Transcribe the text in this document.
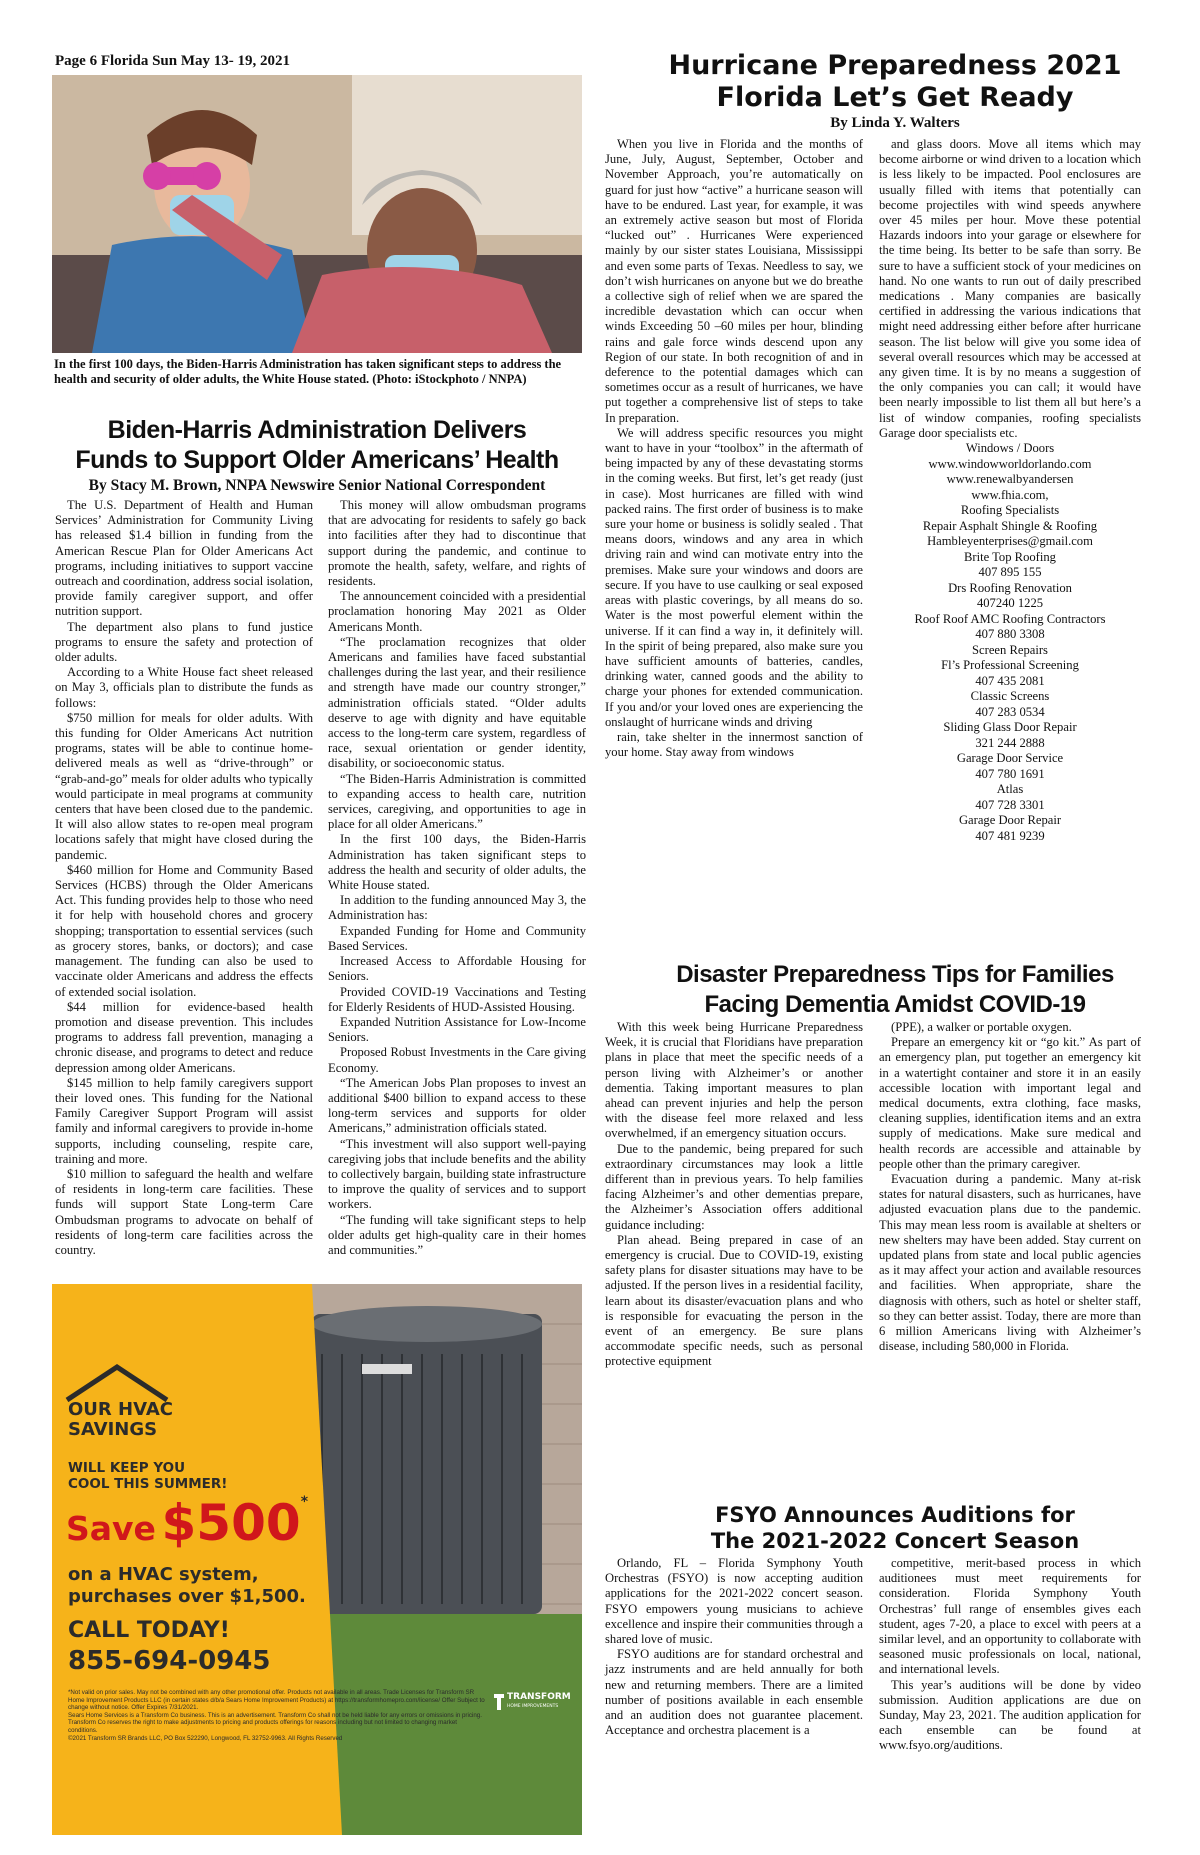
Page 6 Florida Sun May 13- 19, 2021
In the first 100 days, the Biden-Harris Administration has taken significant steps to address the health and security of older adults, the White House stated. (Photo: iStockphoto / NNPA)
Biden-Harris Administration Delivers
Funds to Support Older Americans’ Health
By Stacy M. Brown, NNPA Newswire Senior National Correspondent

The U.S. Department of Health and Human Services’ Administration for Community Living has released $1.4 billion in funding from the American Rescue Plan for Older Americans Act programs, including initiatives to support vaccine outreach and coordination, address social isolation, provide family caregiver support, and offer nutrition support.

The department also plans to fund justice programs to ensure the safety and protection of older adults.

According to a White House fact sheet released on May 3, officials plan to distribute the funds as follows:

$750 million for meals for older adults. With this funding for Older Americans Act nutrition programs, states will be able to continue home-delivered meals as well as “drive-through” or “grab-and-go” meals for older adults who typically would participate in meal programs at community centers that have been closed due to the pandemic. It will also allow states to re-open meal program locations safely that might have closed during the pandemic.

$460 million for Home and Community Based Services (HCBS) through the Older Americans Act. This funding provides help to those who need it for help with household chores and grocery shopping; transportation to essential services (such as grocery stores, banks, or doctors); and case management. The funding can also be used to vaccinate older Americans and address the effects of extended social isolation.

$44 million for evidence-based health promotion and disease prevention. This includes programs to address fall prevention, managing a chronic disease, and programs to detect and reduce depression among older Americans.

$145 million to help family caregivers support their loved ones. This funding for the National Family Caregiver Support Program will assist family and informal caregivers to provide in-home supports, including counseling, respite care, training and more.

$10 million to safeguard the health and welfare of residents in long-term care facilities. These funds will support State Long-term Care Ombudsman programs to advocate on behalf of residents of long-term care facilities across the country.

This money will allow ombudsman programs that are advocating for residents to safely go back into facilities after they had to discontinue that support during the pandemic, and continue to promote the health, safety, welfare, and rights of residents.

The announcement coincided with a presidential proclamation honoring May 2021 as Older Americans Month.

“The proclamation recognizes that older Americans and families have faced substantial challenges during the last year, and their resilience and strength have made our country stronger,” administration officials stated. “Older adults deserve to age with dignity and have equitable access to the long-term care system, regardless of race, sexual orientation or gender identity, disability, or socioeconomic status.

“The Biden-Harris Administration is committed to expanding access to health care, nutrition services, caregiving, and opportunities to age in place for all older Americans.”

In the first 100 days, the Biden-Harris Administration has taken significant steps to address the health and security of older adults, the White House stated.

In addition to the funding announced May 3, the Administration has:

Expanded Funding for Home and Community Based Services.

Increased Access to Affordable Housing for Seniors.

Provided COVID-19 Vaccinations and Testing for Elderly Residents of HUD-Assisted Housing.

Expanded Nutrition Assistance for Low-Income Seniors.

Proposed Robust Investments in the Care giving Economy.

“The American Jobs Plan proposes to invest an additional $400 billion to expand access to these long-term services and supports for older Americans,” administration officials stated.

“This investment will also support well-paying caregiving jobs that include benefits and the ability to collectively bargain, building state infrastructure to improve the quality of services and to support workers.

“The funding will take significant steps to help older adults get high-quality care in their homes and communities.”

OUR HVAC
SAVINGS
WILL KEEP YOU
COOL THIS SUMMER!
Save $500*
on a HVAC system,
purchases over $1,500.
CALL TODAY!
855-694-0945
*Not valid on prior sales. May not be combined with any other promotional offer. Products not available in all areas. Trade Licenses for Transform SR Home Improvement Products LLC (in certain states d/b/a Sears Home Improvement Products) at https://transformhomepro.com/license/ Offer Subject to change without notice. Offer Expires 7/31/2021.
Sears Home Services is a Transform Co business. This is an advertisement. Transform Co shall not be held liable for any errors or omissions in pricing. Transform Co reserves the right to make adjustments to pricing and products offerings for reasons including but not limited to changing market conditions.
©2021 Transform SR Brands LLC, PO Box 522290, Longwood, FL 32752-9963. All Rights Reserved
TRANSFORM
HOME IMPROVEMENTS
Hurricane Preparedness 2021
Florida Let’s Get Ready
By Linda Y. Walters

When you live in Florida and the months of June, July, August, September, October and November Approach, you’re automatically on guard for just how “active” a hurricane season will have to be endured. Last year, for example, it was an extremely active season but most of Florida “lucked out” . Hurricanes Were experienced mainly by our sister states Louisiana, Mississippi and even some parts of Texas. Needless to say, we don’t wish hurricanes on anyone but we do breathe a collective sigh of relief when we are spared the incredible devastation which can occur when winds Exceeding 50 –60 miles per hour, blinding rains and gale force winds descend upon any Region of our state. In both recognition of and in deference to the potential damages which can sometimes occur as a result of hurricanes, we have put together a comprehensive list of steps to take In preparation.

We will address specific resources you might want to have in your “toolbox” in the aftermath of being impacted by any of these devastating storms in the coming weeks. But first, let’s get ready (just in case). Most hurricanes are filled with wind packed rains. The first order of business is to make sure your home or business is solidly sealed . That means doors, windows and any area in which driving rain and wind can motivate entry into the premises. Make sure your windows and doors are secure. If you have to use caulking or seal exposed areas with plastic coverings, by all means do so. Water is the most powerful element within the universe. If it can find a way in, it definitely will. In the spirit of being prepared, also make sure you have sufficient amounts of batteries, candles, drinking water, canned goods and the ability to charge your phones for extended communication. If you and/or your loved ones are experiencing the onslaught of hurricane winds and driving

rain, take shelter in the innermost sanction of your home. Stay away from windows

and glass doors. Move all items which may become airborne or wind driven to a location which is less likely to be impacted. Pool enclosures are usually filled with items that potentially can become projectiles with wind speeds anywhere over 45 miles per hour. Move these potential Hazards indoors into your garage or elsewhere for the time being. Its better to be safe than sorry. Be sure to have a sufficient stock of your medicines on hand. No one wants to run out of daily prescribed medications . Many companies are basically certified in addressing the various indications that might need addressing either before after hurricane season. The list below will give you some idea of several overall resources which may be accessed at any given time. It is by no means a suggestion of the only companies you can call; it would have been nearly impossible to list them all but here’s a list of window companies, roofing specialists Garage door specialists etc.

Windows / Doors
www.windowworldorlando.com
www.renewalbyandersen
www.fhia.com,
Roofing Specialists
Repair Asphalt Shingle & Roofing
Hambleyenterprises@gmail.com
Brite Top Roofing
407 895 155
Drs Roofing Renovation
407240 1225
Roof Roof AMC Roofing Contractors
407 880 3308
Screen Repairs
Fl’s Professional Screening
407 435 2081
Classic Screens
407 283 0534
Sliding Glass Door Repair
321 244 2888
Garage Door Service
407 780 1691
Atlas
407 728 3301
Garage Door Repair
407 481 9239
Disaster Preparedness Tips for Families
Facing Dementia Amidst COVID-19

With this week being Hurricane Preparedness Week, it is crucial that Floridians have preparation plans in place that meet the specific needs of a person living with Alzheimer’s or another dementia. Taking important measures to plan ahead can prevent injuries and help the person with the disease feel more relaxed and less overwhelmed, if an emergency situation occurs.

Due to the pandemic, being prepared for such extraordinary circumstances may look a little different than in previous years. To help families facing Alzheimer’s and other dementias prepare, the Alzheimer’s Association offers additional guidance including:

Plan ahead. Being prepared in case of an emergency is crucial. Due to COVID-19, existing safety plans for disaster situations may have to be adjusted. If the person lives in a residential facility, learn about its disaster/evacuation plans and who is responsible for evacuating the person in the event of an emergency. Be sure plans accommodate specific needs, such as personal protective equipment

(PPE), a walker or portable oxygen.

Prepare an emergency kit or “go kit.” As part of an emergency plan, put together an emergency kit in a watertight container and store it in an easily accessible location with important legal and medical documents, extra clothing, face masks, cleaning supplies, identification items and an extra supply of medications. Make sure medical and health records are accessible and attainable by people other than the primary caregiver.

Evacuation during a pandemic. Many at-risk states for natural disasters, such as hurricanes, have adjusted evacuation plans due to the pandemic. This may mean less room is available at shelters or new shelters may have been added. Stay current on updated plans from state and local public agencies as it may affect your action and available resources and facilities. When appropriate, share the diagnosis with others, such as hotel or shelter staff, so they can better assist. Today, there are more than 6 million Americans living with Alzheimer’s disease, including 580,000 in Florida.

FSYO Announces Auditions for
The 2021-2022 Concert Season

Orlando, FL – Florida Symphony Youth Orchestras (FSYO) is now accepting audition applications for the 2021-2022 concert season. FSYO empowers young musicians to achieve excellence and inspire their communities through a shared love of music.

FSYO auditions are for standard orchestral and jazz instruments and are held annually for both new and returning members. There are a limited number of positions available in each ensemble and an audition does not guarantee placement. Acceptance and orchestra placement is a

competitive, merit-based process in which auditionees must meet requirements for consideration. Florida Symphony Youth Orchestras’ full range of ensembles gives each student, ages 7-20, a place to excel with peers at a similar level, and an opportunity to collaborate with seasoned music professionals on local, national, and international levels.

This year’s auditions will be done by video submission. Audition applications are due on Sunday, May 23, 2021. The audition application for each ensemble can be found at www.fsyo.org/auditions.
